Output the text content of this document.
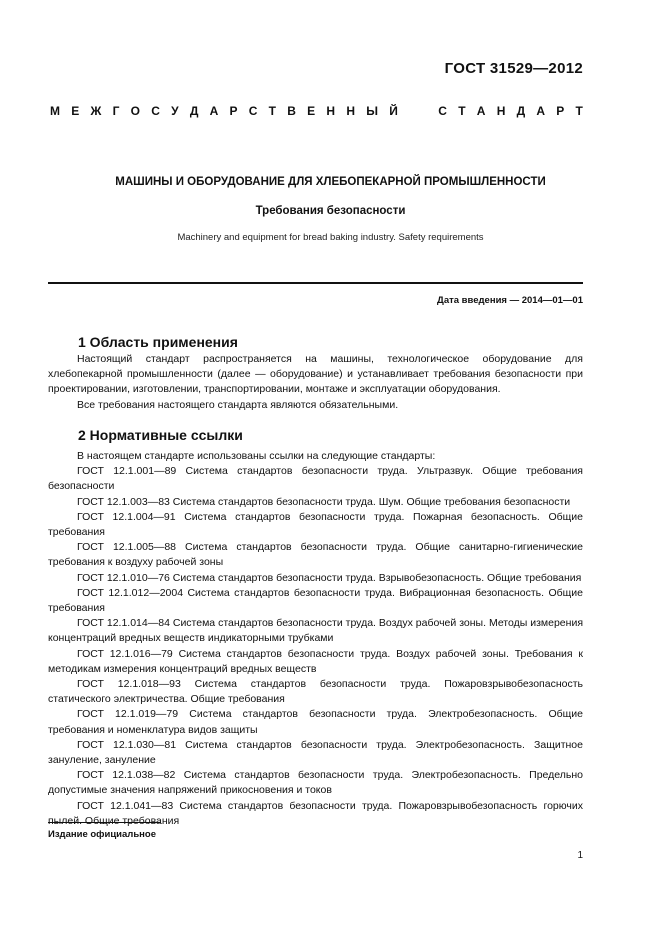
ГОСТ 31529—2012
М Е Ж Г О С У Д А Р С Т В Е Н Н Ы Й	С Т А Н Д А Р Т
МАШИНЫ И ОБОРУДОВАНИЕ ДЛЯ ХЛЕБОПЕКАРНОЙ ПРОМЫШЛЕННОСТИ
Требования безопасности
Machinery and equipment for bread baking industry. Safety requirements
Дата введения — 2014—01—01
1 Область применения

Настоящий стандарт распространяется на машины, технологическое оборудование для хлебопекарной промышленности (далее — оборудование) и устанавливает требования безопасности при проектировании, изготовлении, транспортировании, монтаже и эксплуатации оборудования.

Все требования настоящего стандарта являются обязательными.

2 Нормативные ссылки

В настоящем стандарте использованы ссылки на следующие стандарты:

ГОСТ 12.1.001—89 Система стандартов безопасности труда. Ультразвук. Общие требования безопасности

ГОСТ 12.1.003—83 Система стандартов безопасности труда. Шум. Общие требования безопасности

ГОСТ 12.1.004—91 Система стандартов безопасности труда. Пожарная безопасность. Общие требования

ГОСТ 12.1.005—88 Система стандартов безопасности труда. Общие санитарно-гигиенические требования к воздуху рабочей зоны

ГОСТ 12.1.010—76 Система стандартов безопасности труда. Взрывобезопасность. Общие требования

ГОСТ 12.1.012—2004 Система стандартов безопасности труда. Вибрационная безопасность. Общие требования

ГОСТ 12.1.014—84 Система стандартов безопасности труда. Воздух рабочей зоны. Методы измерения концентраций вредных веществ индикаторными трубками

ГОСТ 12.1.016—79 Система стандартов безопасности труда. Воздух рабочей зоны. Требования к методикам измерения концентраций вредных веществ

ГОСТ 12.1.018—93 Система стандартов безопасности труда. Пожаровзрывобезопасность статического электричества. Общие требования

ГОСТ 12.1.019—79 Система стандартов безопасности труда. Электробезопасность. Общие требования и номенклатура видов защиты

ГОСТ 12.1.030—81 Система стандартов безопасности труда. Электробезопасность. Защитное зануление, зануление

ГОСТ 12.1.038—82 Система стандартов безопасности труда. Электробезопасность. Предельно допустимые значения напряжений прикосновения и токов

ГОСТ 12.1.041—83 Система стандартов безопасности труда. Пожаровзрывобезопасность горючих пылей. Общие требования

Издание официальное
1
